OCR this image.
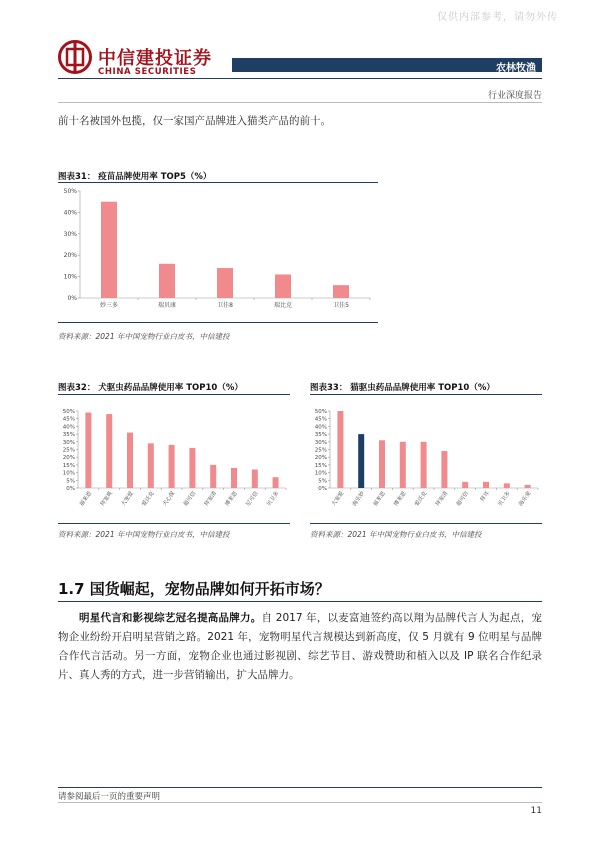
仅供内部参考，请勿外传
中信建投证券
CHINA SECURITIES	农林牧渔
行业深度报告
前十名被国外包揽，仅一家国产品牌进入猫类产品的前十。
图表31： 疫苗品牌使用率 TOP5（%）
0%
10%
20%
30%
40%
50%
妙三多	瑞贝康	卫佳8	瑞比克	卫佳5
资料来源：2021 年中国宠物行业白皮书，中信建投
图表32： 犬驱虫药品品牌使用率 TOP10（%）
0%
5%
10%
15%
20%
25%
30%
35%
40%
45%
50%
福来恩 拜宠爽 大宠爱 爱沃克 犬心保 超可信 拜宠清 博来恩 尼可信 贝卫多
资料来源：2021 年中国宠物行业白皮书，中信建投
图表33： 猫驱虫药品品牌使用率 TOP10（%）
0%
5%
10%
15%
20%
25%
30%
35%
40%
45%
50%
大宠爱 海乐妙 福来恩 博来恩 爱沃克 拜宠清 超可信 拜耳 贝卫多 海乐宠
资料来源：2021 年中国宠物行业白皮书，中信建投
1.7 国货崛起，宠物品牌如何开拓市场？
明星代言和影视综艺冠名提高品牌力。自 2017 年，以麦富迪签约高以翔为品牌代言人为起点，宠物企业纷纷开启明星营销之路。2021 年，宠物明星代言规模达到新高度，仅 5 月就有 9 位明星与品牌合作代言活动。另一方面，宠物企业也通过影视剧、综艺节目、游戏赞助和植入以及 IP 联名合作纪录片、真人秀的方式，进一步营销输出，扩大品牌力。
请参阅最后一页的重要声明
11
